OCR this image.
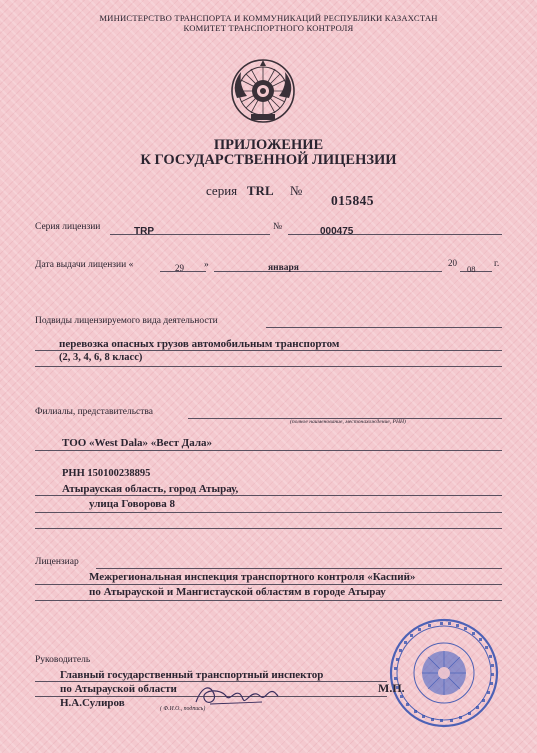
МИНИСТЕРСТВО ТРАНСПОРТА И КОММУНИКАЦИЙ РЕСПУБЛИКИ КАЗАХСТАН
КОМИТЕТ ТРАНСПОРТНОГО КОНТРОЛЯ
ПРИЛОЖЕНИЕ
К ГОСУДАРСТВЕННОЙ ЛИЦЕНЗИИ
серия TRL №
015845
Серия лицензии	TRP	№	000475
Дата выдачи лицензии «	29 »	января	20
08 г.
Подвиды лицензируемого вида деятельности
перевозка опасных грузов автомобильным транспортом
(2, 3, 4, 6, 8 класс)
Филиалы, представительства
(полное наименование, местонахождение, РНН)
ТОО «West Dala» «Вест Дала»
РНН 150100238895
Атырауская область, город Атырау,
улица Говорова 8
Лицензиар
Межрегиональная инспекция транспортного контроля «Каспий»
по Атырауской и Мангистауской областям в городе Атырау
Руководитель
Главный государственный транспортный инспектор
по Атырауской области
Н.А.Сулиров	( Ф.И.О., подпись)
М.П.
